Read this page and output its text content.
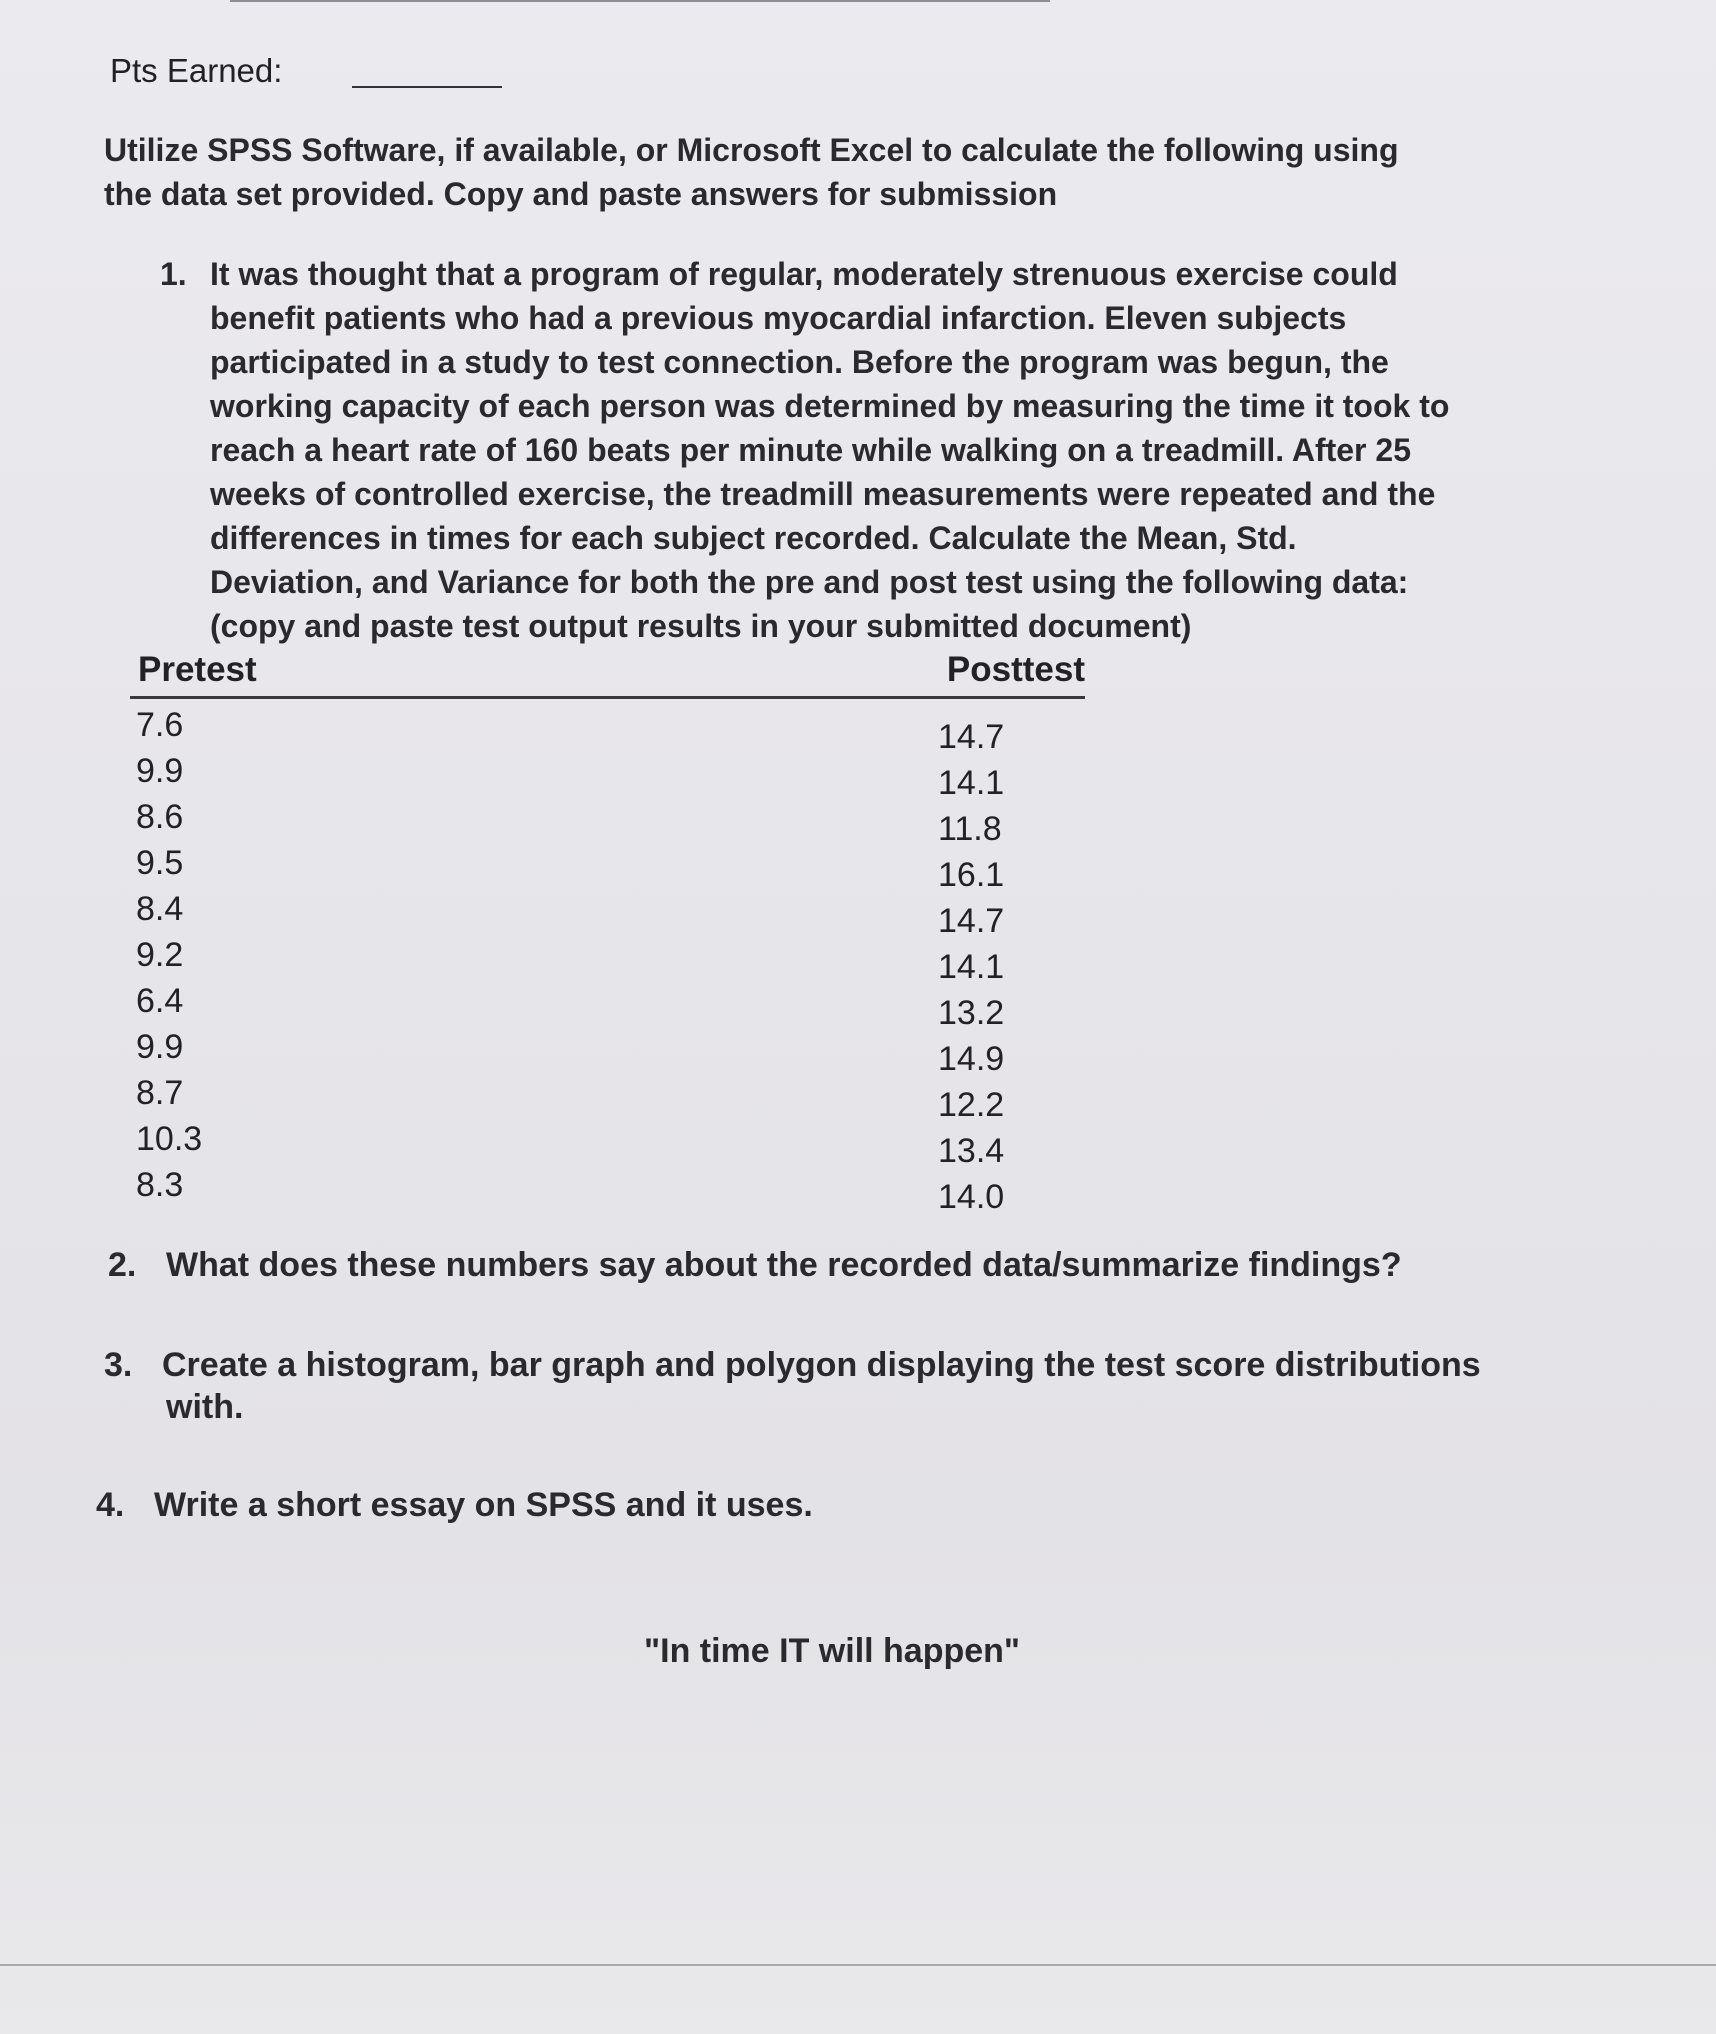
Pts Earned:
Utilize SPSS Software, if available, or Microsoft Excel to calculate the following using
the data set provided. Copy and paste answers for submission
1. It was thought that a program of regular, moderately strenuous exercise could
benefit patients who had a previous myocardial infarction. Eleven subjects
participated in a study to test connection. Before the program was begun, the
working capacity of each person was determined by measuring the time it took to
reach a heart rate of 160 beats per minute while walking on a treadmill. After 25
weeks of controlled exercise, the treadmill measurements were repeated and the
differences in times for each subject recorded. Calculate the Mean, Std.
Deviation, and Variance for both the pre and post test using the following data:
(copy and paste test output results in your submitted document)
Pretest	Posttest
7.6
9.9
8.6
9.5
8.4
9.2
6.4
9.9
8.7
10.3
8.3
14.7
14.1
11.8
16.1
14.7
14.1
13.2
14.9
12.2
13.4
14.0
2. What does these numbers say about the recorded data/summarize findings?
3. Create a histogram, bar graph and polygon displaying the test score distributions
with.
4. Write a short essay on SPSS and it uses.
"In time IT will happen"
